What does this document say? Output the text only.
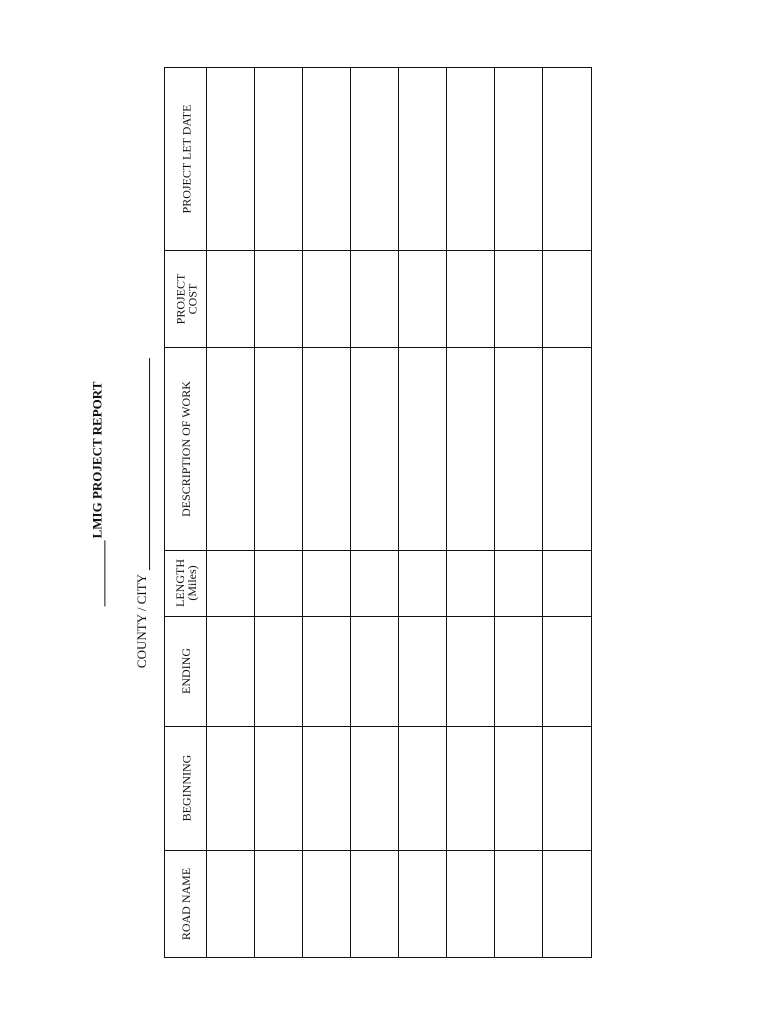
LMIG PROJECT REPORT
COUNTY / CITY
PROJECT LET DATE
PROJECT
COST
DESCRIPTION OF WORK
LENGTH
(Miles)
ENDING
BEGINNING
ROAD NAME
